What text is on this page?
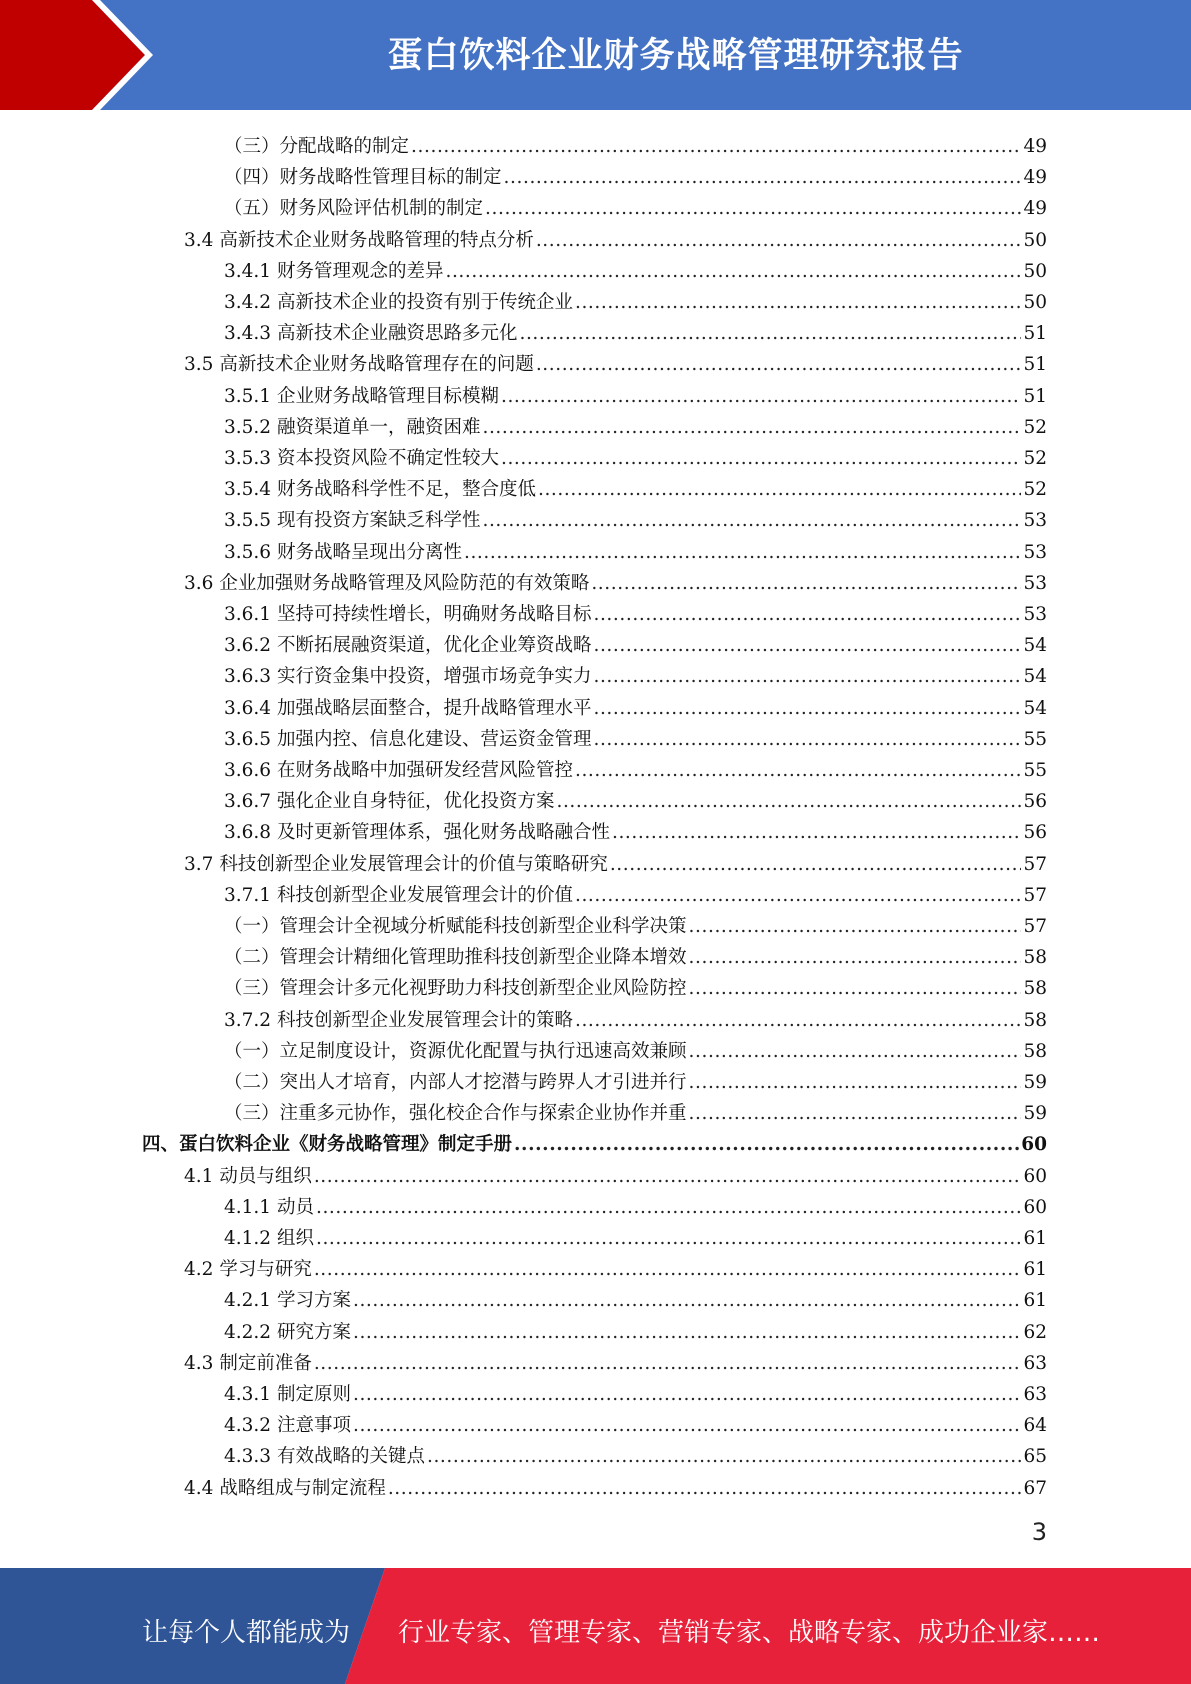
蛋白饮料企业财务战略管理研究报告
（三）分配战略的制定 .....	49
（四）财务战略性管理目标的制定 .....	49
（五）财务风险评估机制的制定 .....	49
3.4 高新技术企业财务战略管理的特点分析 .....	50
3.4.1 财务管理观念的差异 .....	50
3.4.2 高新技术企业的投资有别于传统企业 .....	50
3.4.3 高新技术企业融资思路多元化 .....	51
3.5 高新技术企业财务战略管理存在的问题 .....	51
3.5.1 企业财务战略管理目标模糊 .....	51
3.5.2 融资渠道单一，融资困难 .....	52
3.5.3 资本投资风险不确定性较大 .....	52
3.5.4 财务战略科学性不足，整合度低 .....	52
3.5.5 现有投资方案缺乏科学性 .....	53
3.5.6 财务战略呈现出分离性 .....	53
3.6 企业加强财务战略管理及风险防范的有效策略 .....	53
3.6.1 坚持可持续性增长，明确财务战略目标 .....	53
3.6.2 不断拓展融资渠道，优化企业筹资战略 .....	54
3.6.3 实行资金集中投资，增强市场竞争实力 .....	54
3.6.4 加强战略层面整合，提升战略管理水平 .....	54
3.6.5 加强内控、信息化建设、营运资金管理 .....	55
3.6.6 在财务战略中加强研发经营风险管控 .....	55
3.6.7 强化企业自身特征，优化投资方案 .....	56
3.6.8 及时更新管理体系，强化财务战略融合性 .....	56
3.7 科技创新型企业发展管理会计的价值与策略研究 .....	57
3.7.1 科技创新型企业发展管理会计的价值 .....	57
（一）管理会计全视域分析赋能科技创新型企业科学决策 .....	57
（二）管理会计精细化管理助推科技创新型企业降本增效 .....	58
（三）管理会计多元化视野助力科技创新型企业风险防控 .....	58
3.7.2 科技创新型企业发展管理会计的策略 .....	58
（一）立足制度设计，资源优化配置与执行迅速高效兼顾 .....	58
（二）突出人才培育，内部人才挖潜与跨界人才引进并行 .....	59
（三）注重多元协作，强化校企合作与探索企业协作并重 .....	59
四、蛋白饮料企业《财务战略管理》制定手册 .....	60
4.1 动员与组织 .....	60
4.1.1 动员 .....	60
4.1.2 组织 .....	61
4.2 学习与研究 .....	61
4.2.1 学习方案 .....	61
4.2.2 研究方案 .....	62
4.3 制定前准备 .....	63
4.3.1 制定原则 .....	63
4.3.2 注意事项 .....	64
4.3.3 有效战略的关键点 .....	65
4.4 战略组成与制定流程 .....	67
3
让每个人都能成为 行业专家、管理专家、营销专家、战略专家、成功企业家……
